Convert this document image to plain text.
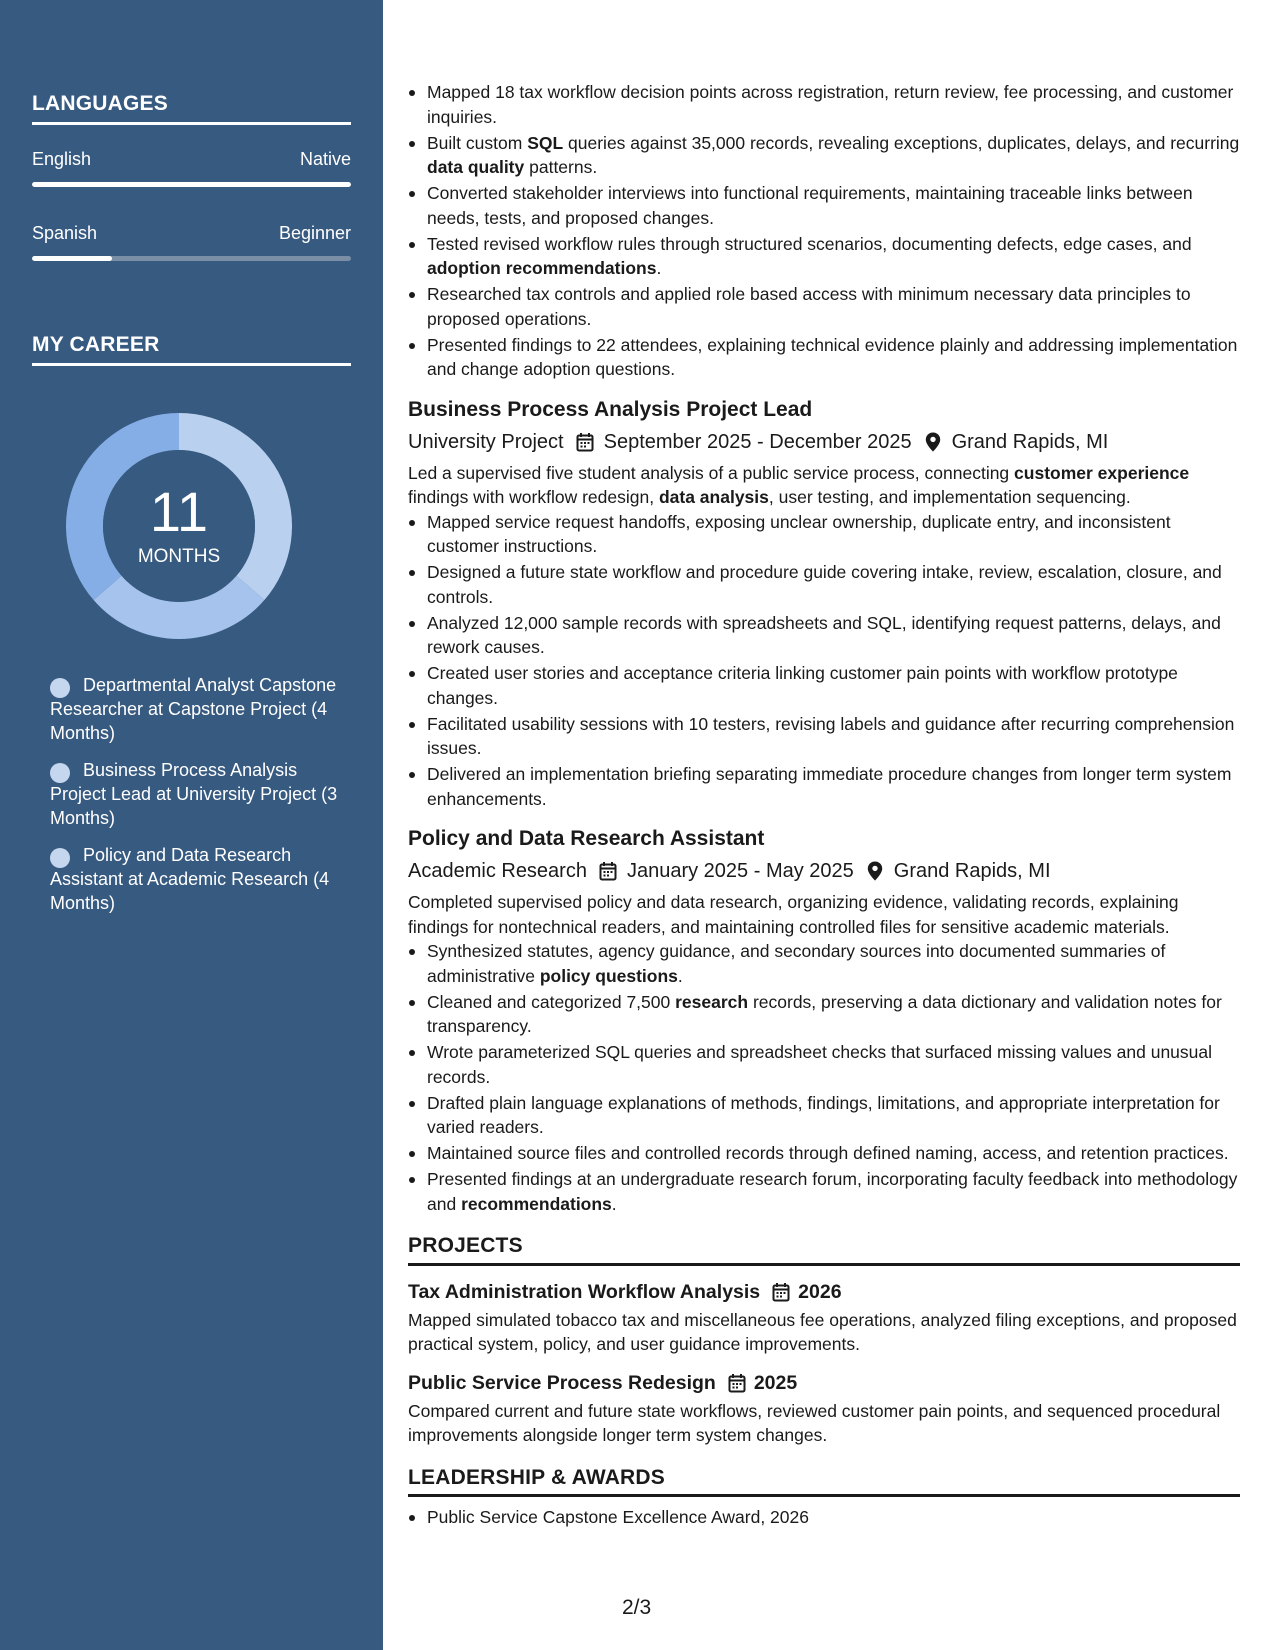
LANGUAGES
English	Native
Spanish	Beginner
MY CAREER
11
MONTHS
Departmental Analyst Capstone Researcher at Capstone Project (4 Months)
Business Process Analysis Project Lead at University Project (3 Months)
Policy and Data Research Assistant at Academic Research (4 Months)
Mapped 18 tax workflow decision points across registration, return review, fee processing, and customer inquiries.
Built custom SQL queries against 35,000 records, revealing exceptions, duplicates, delays, and recurring data quality patterns.
Converted stakeholder interviews into functional requirements, maintaining traceable links between needs, tests, and proposed changes.
Tested revised workflow rules through structured scenarios, documenting defects, edge cases, and adoption recommendations.
Researched tax controls and applied role based access with minimum necessary data principles to proposed operations.
Presented findings to 22 attendees, explaining technical evidence plainly and addressing implementation and change adoption questions.
Business Process Analysis Project Lead
University Project September 2025 - December 2025 Grand Rapids, MI
Led a supervised five student analysis of a public service process, connecting customer experience findings with workflow redesign, data analysis, user testing, and implementation sequencing.
Mapped service request handoffs, exposing unclear ownership, duplicate entry, and inconsistent customer instructions.
Designed a future state workflow and procedure guide covering intake, review, escalation, closure, and controls.
Analyzed 12,000 sample records with spreadsheets and SQL, identifying request patterns, delays, and rework causes.
Created user stories and acceptance criteria linking customer pain points with workflow prototype changes.
Facilitated usability sessions with 10 testers, revising labels and guidance after recurring comprehension issues.
Delivered an implementation briefing separating immediate procedure changes from longer term system enhancements.
Policy and Data Research Assistant
Academic Research January 2025 - May 2025 Grand Rapids, MI
Completed supervised policy and data research, organizing evidence, validating records, explaining findings for nontechnical readers, and maintaining controlled files for sensitive academic materials.
Synthesized statutes, agency guidance, and secondary sources into documented summaries of administrative policy questions.
Cleaned and categorized 7,500 research records, preserving a data dictionary and validation notes for transparency.
Wrote parameterized SQL queries and spreadsheet checks that surfaced missing values and unusual records.
Drafted plain language explanations of methods, findings, limitations, and appropriate interpretation for varied readers.
Maintained source files and controlled records through defined naming, access, and retention practices.
Presented findings at an undergraduate research forum, incorporating faculty feedback into methodology and recommendations.
PROJECTS
Tax Administration Workflow Analysis 2026
Mapped simulated tobacco tax and miscellaneous fee operations, analyzed filing exceptions, and proposed practical system, policy, and user guidance improvements.
Public Service Process Redesign 2025
Compared current and future state workflows, reviewed customer pain points, and sequenced procedural improvements alongside longer term system changes.
LEADERSHIP & AWARDS
Public Service Capstone Excellence Award, 2026
2/3
